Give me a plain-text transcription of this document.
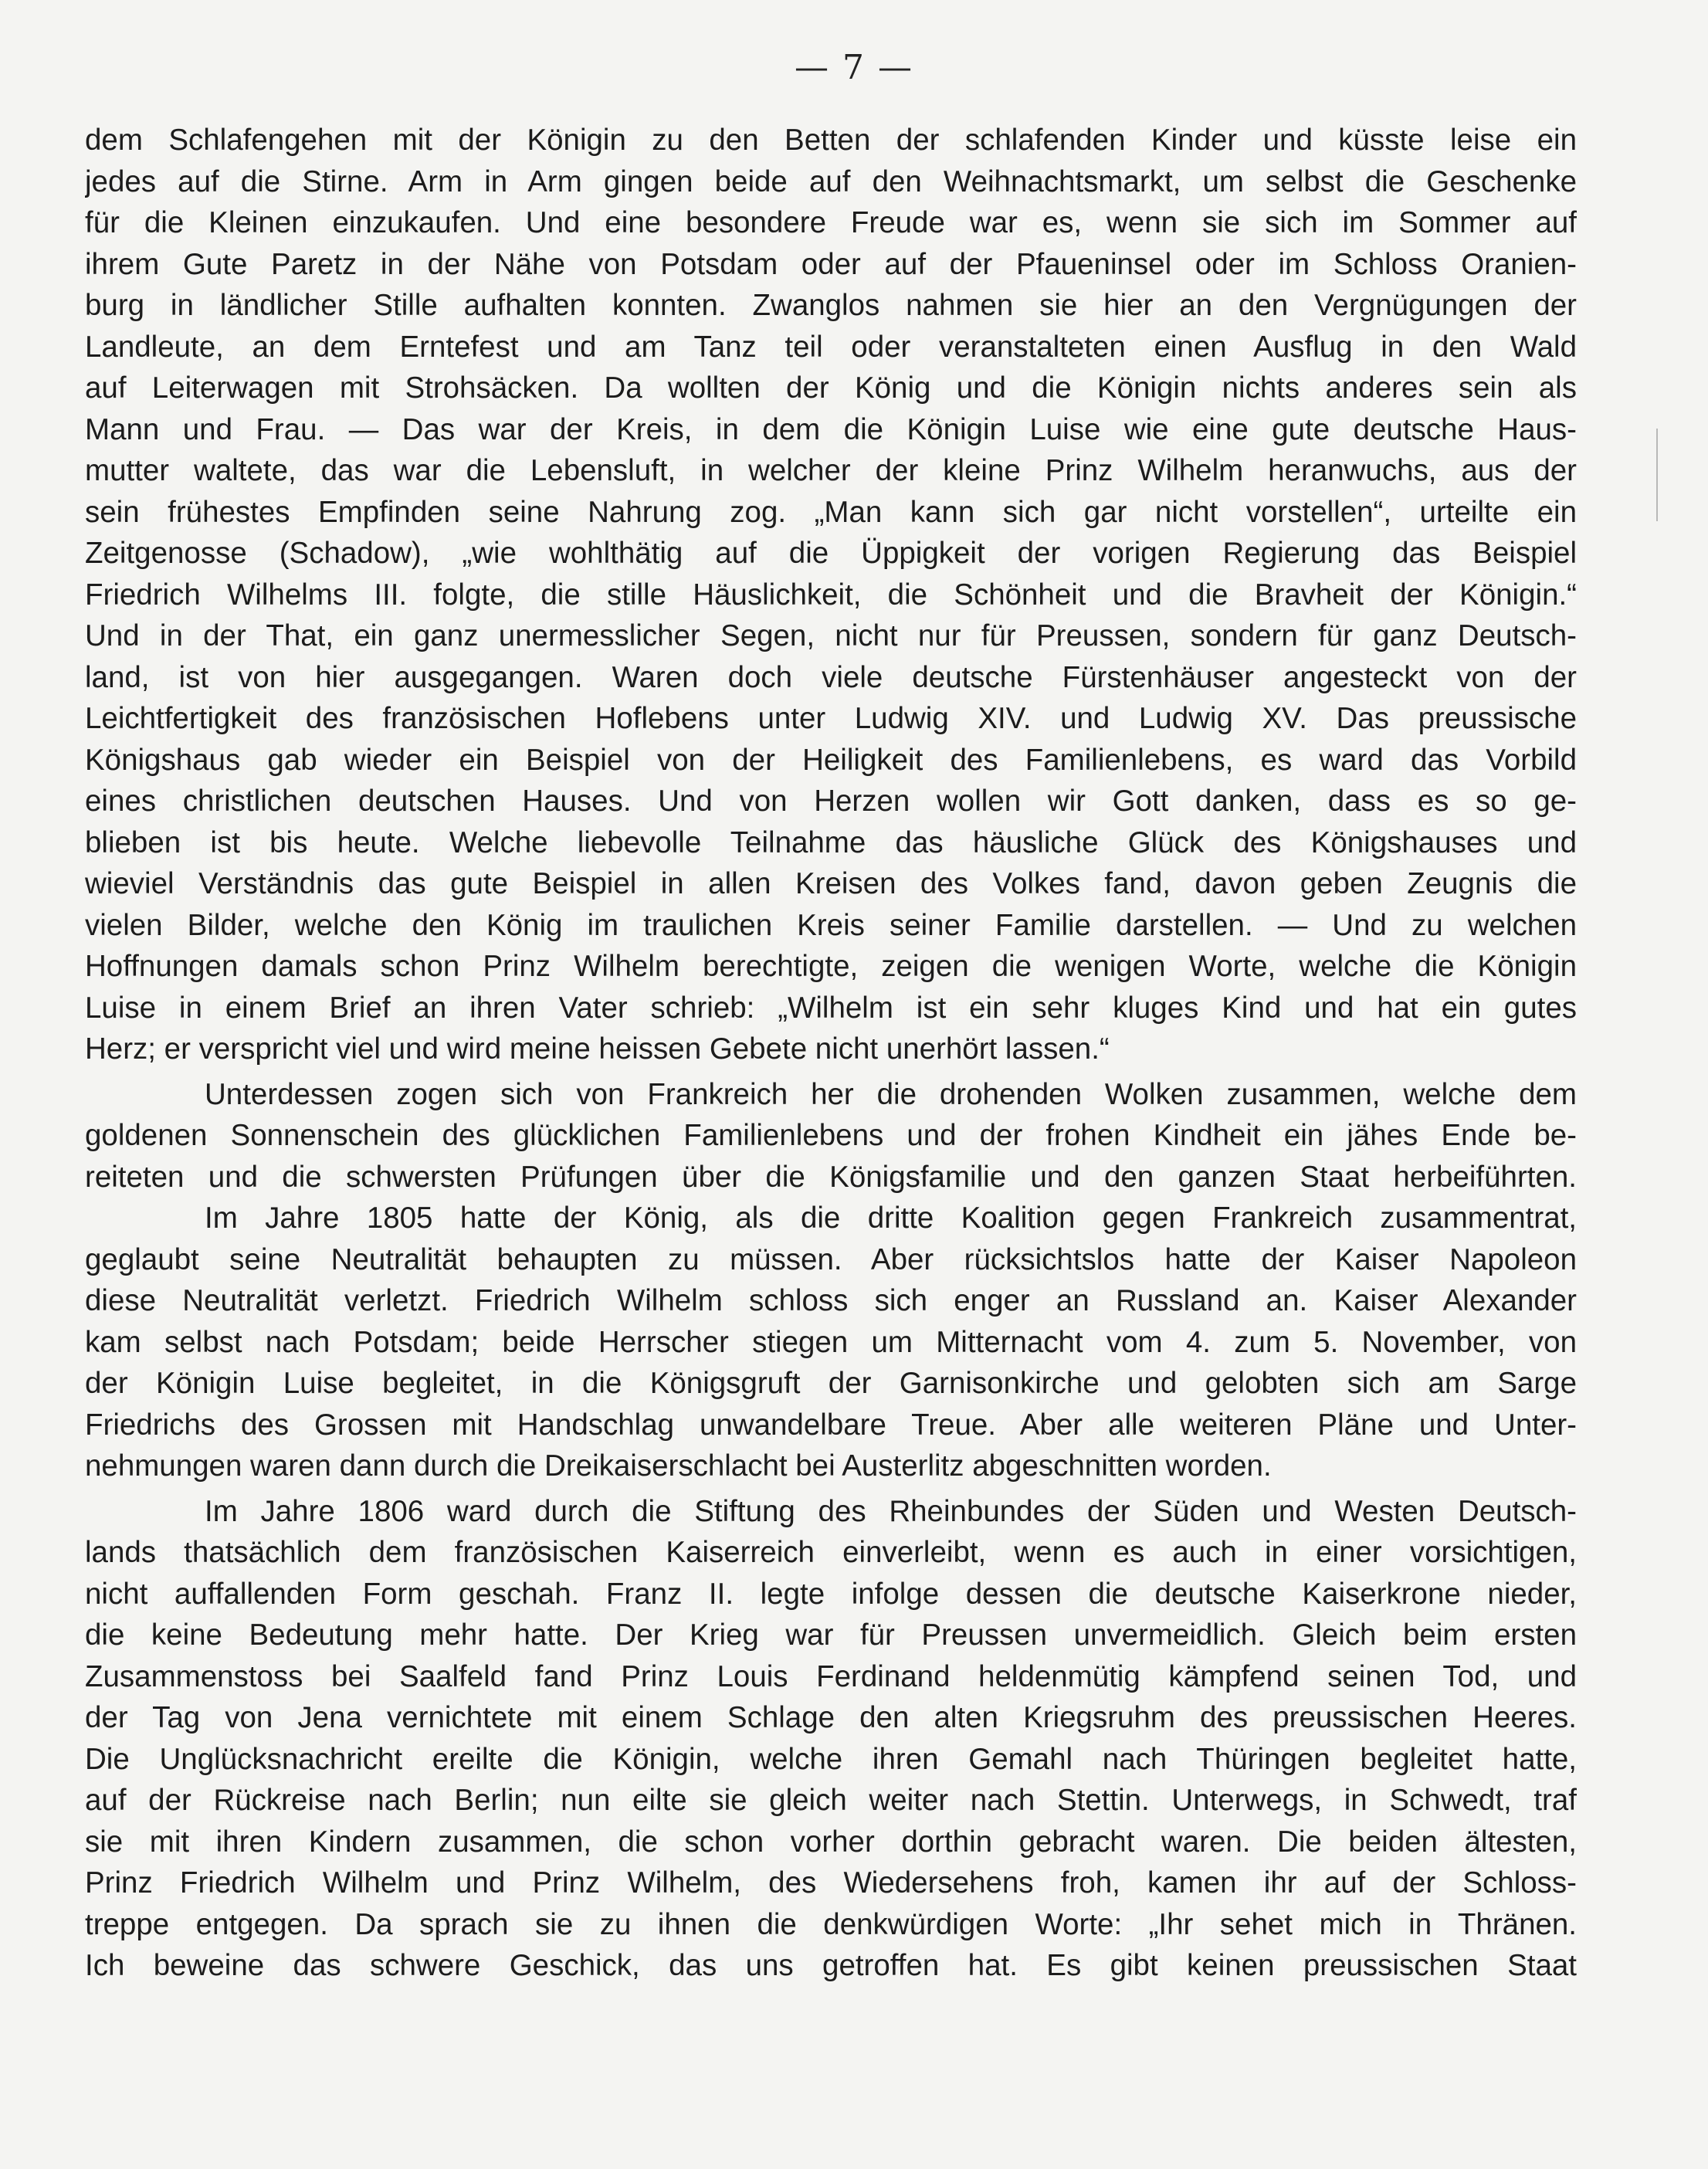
— 7 —
dem Schlafengehen mit der Königin zu den Betten der schlafenden Kinder und küsste leise ein
jedes auf die Stirne. Arm in Arm gingen beide auf den Weihnachtsmarkt, um selbst die Geschenke
für die Kleinen einzukaufen. Und eine besondere Freude war es, wenn sie sich im Sommer auf
ihrem Gute Paretz in der Nähe von Potsdam oder auf der Pfaueninsel oder im Schloss Oranien-
burg in ländlicher Stille aufhalten konnten. Zwanglos nahmen sie hier an den Vergnügungen der
Landleute, an dem Erntefest und am Tanz teil oder veranstalteten einen Ausflug in den Wald
auf Leiterwagen mit Strohsäcken. Da wollten der König und die Königin nichts anderes sein als
Mann und Frau. — Das war der Kreis, in dem die Königin Luise wie eine gute deutsche Haus-
mutter waltete, das war die Lebensluft, in welcher der kleine Prinz Wilhelm heranwuchs, aus der
sein frühestes Empfinden seine Nahrung zog. „Man kann sich gar nicht vorstellen“, urteilte ein
Zeitgenosse (Schadow), „wie wohlthätig auf die Üppigkeit der vorigen Regierung das Beispiel
Friedrich Wilhelms III. folgte, die stille Häuslichkeit, die Schönheit und die Bravheit der Königin.“
Und in der That, ein ganz unermesslicher Segen, nicht nur für Preussen, sondern für ganz Deutsch-
land, ist von hier ausgegangen. Waren doch viele deutsche Fürstenhäuser angesteckt von der
Leichtfertigkeit des französischen Hoflebens unter Ludwig XIV. und Ludwig XV. Das preussische
Königshaus gab wieder ein Beispiel von der Heiligkeit des Familienlebens, es ward das Vorbild
eines christlichen deutschen Hauses. Und von Herzen wollen wir Gott danken, dass es so ge-
blieben ist bis heute. Welche liebevolle Teilnahme das häusliche Glück des Königshauses und
wieviel Verständnis das gute Beispiel in allen Kreisen des Volkes fand, davon geben Zeugnis die
vielen Bilder, welche den König im traulichen Kreis seiner Familie darstellen. — Und zu welchen
Hoffnungen damals schon Prinz Wilhelm berechtigte, zeigen die wenigen Worte, welche die Königin
Luise in einem Brief an ihren Vater schrieb: „Wilhelm ist ein sehr kluges Kind und hat ein gutes
Herz; er verspricht viel und wird meine heissen Gebete nicht unerhört lassen.“
Unterdessen zogen sich von Frankreich her die drohenden Wolken zusammen, welche dem
goldenen Sonnenschein des glücklichen Familienlebens und der frohen Kindheit ein jähes Ende be-
reiteten und die schwersten Prüfungen über die Königsfamilie und den ganzen Staat herbeiführten.
Im Jahre 1805 hatte der König, als die dritte Koalition gegen Frankreich zusammentrat,
geglaubt seine Neutralität behaupten zu müssen. Aber rücksichtslos hatte der Kaiser Napoleon
diese Neutralität verletzt. Friedrich Wilhelm schloss sich enger an Russland an. Kaiser Alexander
kam selbst nach Potsdam; beide Herrscher stiegen um Mitternacht vom 4. zum 5. November, von
der Königin Luise begleitet, in die Königsgruft der Garnisonkirche und gelobten sich am Sarge
Friedrichs des Grossen mit Handschlag unwandelbare Treue. Aber alle weiteren Pläne und Unter-
nehmungen waren dann durch die Dreikaiserschlacht bei Austerlitz abgeschnitten worden.
Im Jahre 1806 ward durch die Stiftung des Rheinbundes der Süden und Westen Deutsch-
lands thatsächlich dem französischen Kaiserreich einverleibt, wenn es auch in einer vorsichtigen,
nicht auffallenden Form geschah. Franz II. legte infolge dessen die deutsche Kaiserkrone nieder,
die keine Bedeutung mehr hatte. Der Krieg war für Preussen unvermeidlich. Gleich beim ersten
Zusammenstoss bei Saalfeld fand Prinz Louis Ferdinand heldenmütig kämpfend seinen Tod, und
der Tag von Jena vernichtete mit einem Schlage den alten Kriegsruhm des preussischen Heeres.
Die Unglücksnachricht ereilte die Königin, welche ihren Gemahl nach Thüringen begleitet hatte,
auf der Rückreise nach Berlin; nun eilte sie gleich weiter nach Stettin. Unterwegs, in Schwedt, traf
sie mit ihren Kindern zusammen, die schon vorher dorthin gebracht waren. Die beiden ältesten,
Prinz Friedrich Wilhelm und Prinz Wilhelm, des Wiedersehens froh, kamen ihr auf der Schloss-
treppe entgegen. Da sprach sie zu ihnen die denkwürdigen Worte: „Ihr sehet mich in Thränen.
Ich beweine das schwere Geschick, das uns getroffen hat. Es gibt keinen preussischen Staat
